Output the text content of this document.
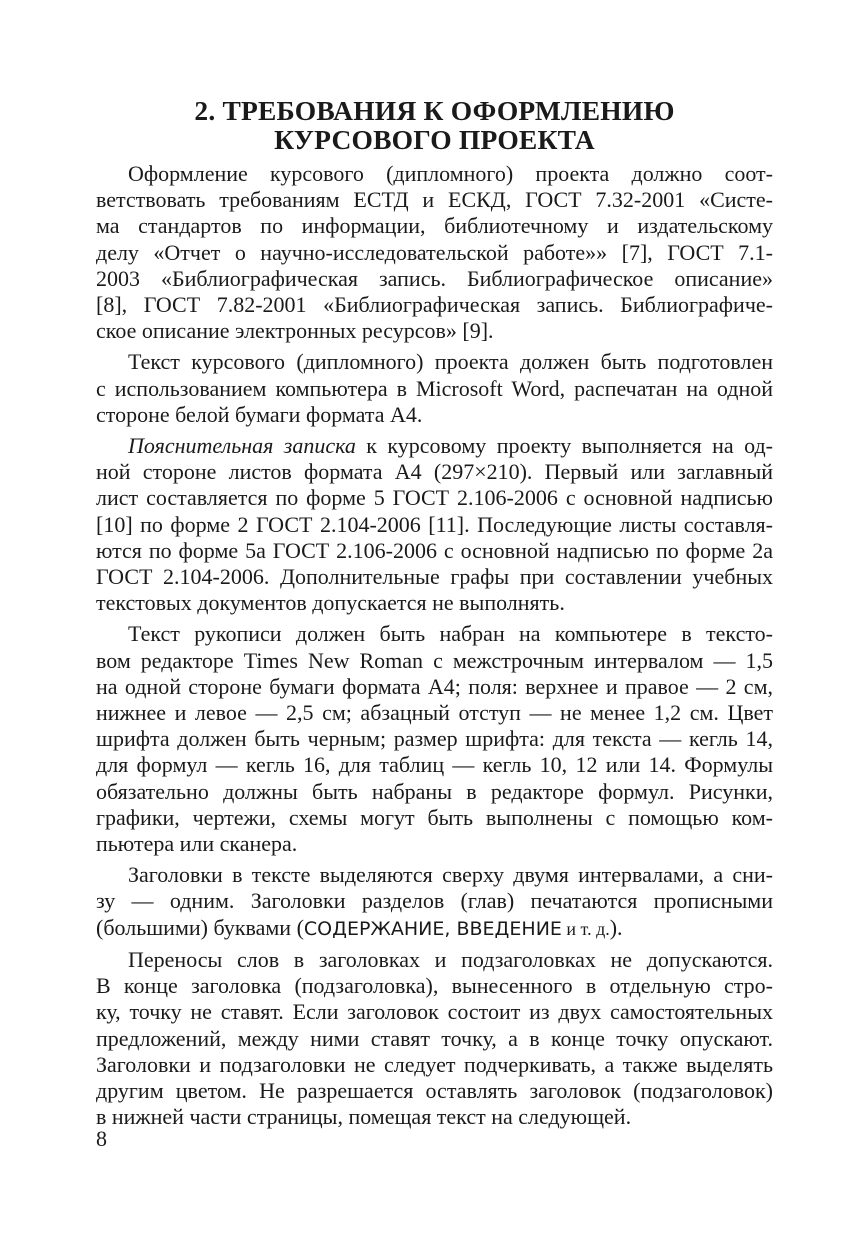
2. ТРЕБОВАНИЯ К ОФОРМЛЕНИЮ
КУРСОВОГО ПРОЕКТА
Оформление курсового (дипломного) проекта должно соот-
ветствовать требованиям ЕСТД и ЕСКД, ГОСТ 7.32-2001 «Систе-
ма стандартов по информации, библиотечному и издательскому
делу «Отчет о научно-исследовательской работе»» [7], ГОСТ 7.1-
2003 «Библиографическая запись. Библиографическое описание»
[8], ГОСТ 7.82-2001 «Библиографическая запись. Библиографиче-
ское описание электронных ресурсов» [9].
Текст курсового (дипломного) проекта должен быть подготовлен
с использованием компьютера в Microsoft Word, распечатан на одной
стороне белой бумаги формата А4.
Пояснительная записка к курсовому проекту выполняется на од-
ной стороне листов формата А4 (297×210). Первый или заглавный
лист составляется по форме 5 ГОСТ 2.106-2006 с основной надписью
[10] по форме 2 ГОСТ 2.104-2006 [11]. Последующие листы составля-
ются по форме 5а ГОСТ 2.106-2006 с основной надписью по форме 2а
ГОСТ 2.104-2006. Дополнительные графы при составлении учебных
текстовых документов допускается не выполнять.
Текст рукописи должен быть набран на компьютере в тексто-
вом редакторе Times New Roman с межстрочным интервалом — 1,5
на одной стороне бумаги формата А4; поля: верхнее и правое — 2 см,
нижнее и левое — 2,5 см; абзацный отступ — не менее 1,2 см. Цвет
шрифта должен быть черным; размер шрифта: для текста — кегль 14,
для формул — кегль 16, для таблиц — кегль 10, 12 или 14. Формулы
обязательно должны быть набраны в редакторе формул. Рисунки,
графики, чертежи, схемы могут быть выполнены с помощью ком-
пьютера или сканера.
Заголовки в тексте выделяются сверху двумя интервалами, а сни-
зу — одним. Заголовки разделов (глав) печатаются прописными
(большими) буквами (СОДЕРЖАНИЕ, ВВЕДЕНИЕ и т. д.).
Переносы слов в заголовках и подзаголовках не допускаются.
В конце заголовка (подзаголовка), вынесенного в отдельную стро-
ку, точку не ставят. Если заголовок состоит из двух самостоятельных
предложений, между ними ставят точку, а в конце точку опускают.
Заголовки и подзаголовки не следует подчеркивать, а также выделять
другим цветом. Не разрешается оставлять заголовок (подзаголовок)
в нижней части страницы, помещая текст на следующей.
8
